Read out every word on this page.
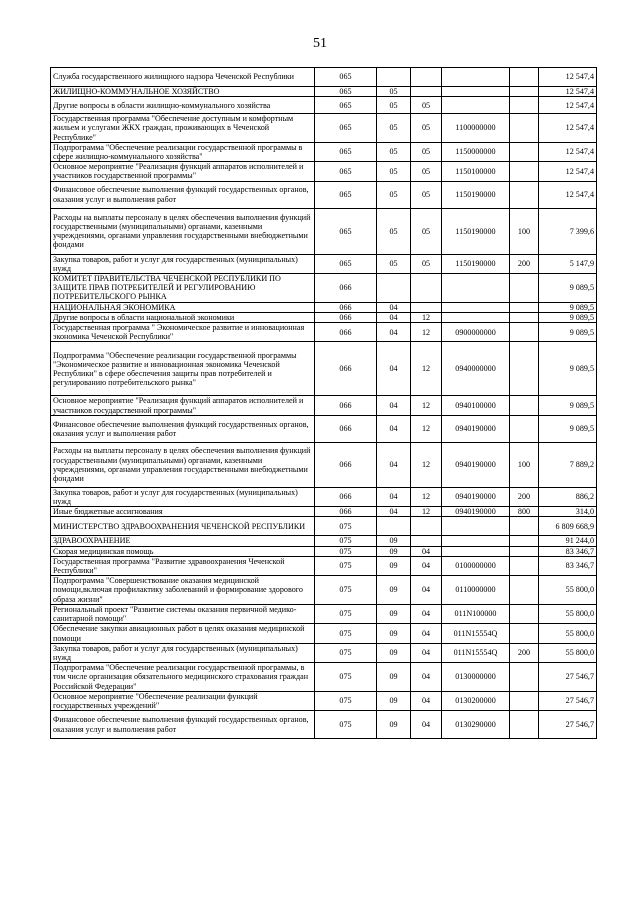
51
Служба государственного жилищного надзора Чеченской Республики	065					12 547,4
ЖИЛИЩНО-КОММУНАЛЬНОЕ ХОЗЯЙСТВО	065	05				12 547,4
Другие вопросы в области жилищно-коммунального хозяйства	065	05	05			12 547,4
Государственная программа "Обеспечение доступным и комфортным жильем и услугами ЖКХ граждан, проживающих в Чеченской Республике"	065	05	05	1100000000		12 547,4
Подпрограмма "Обеспечение реализации государственной программы в сфере жилищно-коммунального хозяйства"	065	05	05	1150000000		12 547,4
Основное мероприятие "Реализация функций аппаратов исполнителей и участников государственной программы"	065	05	05	1150100000		12 547,4
Финансовое обеспечение выполнения функций государственных органов, оказания услуг и выполнения работ	065	05	05	1150190000		12 547,4
Расходы на выплаты персоналу в целях обеспечения выполнения функций государственными (муниципальными) органами, казенными учреждениями, органами управления государственными внебюджетными фондами	065	05	05	1150190000	100	7 399,6
Закупка товаров, работ и услуг для государственных (муниципальных) нужд	065	05	05	1150190000	200	5 147,9
КОМИТЕТ ПРАВИТЕЛЬСТВА ЧЕЧЕНСКОЙ РЕСПУБЛИКИ ПО ЗАЩИТЕ ПРАВ ПОТРЕБИТЕЛЕЙ И РЕГУЛИРОВАНИЮ ПОТРЕБИТЕЛЬСКОГО РЫНКА	066					9 089,5
НАЦИОНАЛЬНАЯ ЭКОНОМИКА	066	04				9 089,5
Другие вопросы в области национальной экономики	066	04	12			9 089,5
Государственная программа " Экономическое развитие и инновационная экономика Чеченской Республики"	066	04	12	0900000000		9 089,5
Подпрограмма "Обеспечение реализации государственной программы "Экономическое развитие и инновационная экономика Чеченской Республики" в сфере обеспечения защиты прав потребителей и регулированию потребительского рынка"	066	04	12	0940000000		9 089,5
Основное мероприятие "Реализация функций аппаратов исполнителей и участников государственной программы"	066	04	12	0940100000		9 089,5
Финансовое обеспечение выполнения функций государственных органов, оказания услуг и выполнения работ	066	04	12	0940190000		9 089,5
Расходы на выплаты персоналу в целях обеспечения выполнения функций государственными (муниципальными) органами, казенными учреждениями, органами управления государственными внебюджетными фондами	066	04	12	0940190000	100	7 889,2
Закупка товаров, работ и услуг для государственных (муниципальных) нужд	066	04	12	0940190000	200	886,2
Иные бюджетные ассигнования	066	04	12	0940190000	800	314,0
МИНИСТЕРСТВО ЗДРАВООХРАНЕНИЯ ЧЕЧЕНСКОЙ РЕСПУБЛИКИ	075					6 809 668,9
ЗДРАВООХРАНЕНИЕ	075	09				91 244,0
Скорая медицинская помощь	075	09	04			83 346,7
Государственная программа "Развитие здравоохранения Чеченской Республики"	075	09	04	0100000000		83 346,7
Подпрограмма "Совершенствование оказания медицинской помощи,включая профилактику заболеваний и формирование здорового образа жизни"	075	09	04	0110000000		55 800,0
Региональный проект "Развитие системы оказания первичной медико-санитарной помощи"	075	09	04	011N100000		55 800,0
Обеспечение закупки авиационных работ в целях оказания медицинской помощи	075	09	04	011N15554Q		55 800,0
Закупка товаров, работ и услуг для государственных (муниципальных) нужд	075	09	04	011N15554Q	200	55 800,0
Подпрограмма "Обеспечение реализации государственной программы, в том числе организация обязательного медицинского страхования граждан Российской Федерации"	075	09	04	0130000000		27 546,7
Основное мероприятие "Обеспечение реализации функций государственных учреждений"	075	09	04	0130200000		27 546,7
Финансовое обеспечение выполнения функций государственных органов, оказания услуг и выполнения работ	075	09	04	0130290000		27 546,7
